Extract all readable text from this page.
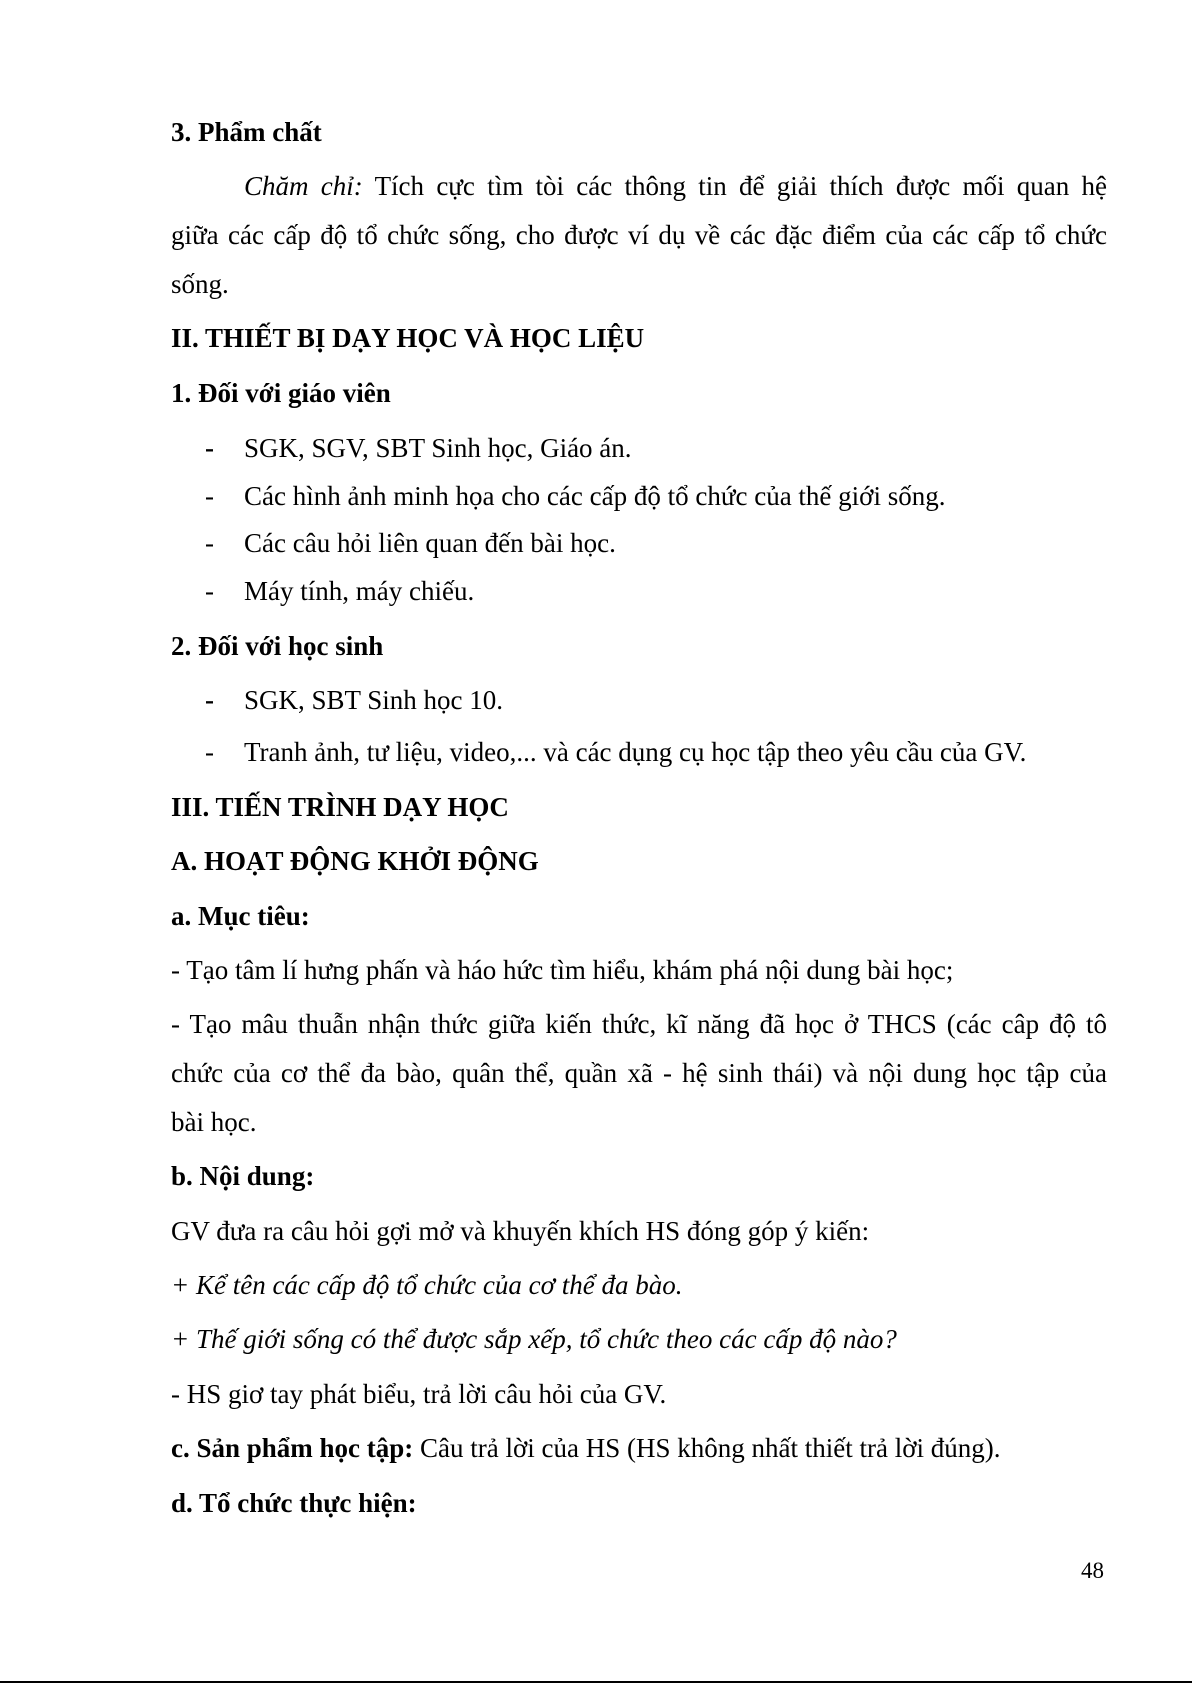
3. Phẩm chất
Chăm chỉ: Tích cực tìm tòi các thông tin để giải thích được mối quan hệ
giữa các cấp độ tổ chức sống, cho được ví dụ về các đặc điểm của các cấp tổ chức
sống.
II. THIẾT BỊ DẠY HỌC VÀ HỌC LIỆU
1. Đối với giáo viên
- SGK, SGV, SBT Sinh học, Giáo án.
- Các hình ảnh minh họa cho các cấp độ tổ chức của thế giới sống.
- Các câu hỏi liên quan đến bài học.
- Máy tính, máy chiếu.
2. Đối với học sinh
- SGK, SBT Sinh học 10.
- Tranh ảnh, tư liệu, video,... và các dụng cụ học tập theo yêu cầu của GV.
III. TIẾN TRÌNH DẠY HỌC
A. HOẠT ĐỘNG KHỞI ĐỘNG
a. Mục tiêu:
- Tạo tâm lí hưng phấn và háo hức tìm hiểu, khám phá nội dung bài học;
- Tạo mâu thuẫn nhận thức giữa kiến thức, kĩ năng đã học ở THCS (các câp độ tô
chức của cơ thể đa bào, quân thể, quần xã - hệ sinh thái) và nội dung học tập của
bài học.
b. Nội dung:
GV đưa ra câu hỏi gợi mở và khuyến khích HS đóng góp ý kiến:
+ Kể tên các cấp độ tổ chức của cơ thể đa bào.
+ Thế giới sống có thể được sắp xếp, tổ chức theo các cấp độ nào?
- HS giơ tay phát biểu, trả lời câu hỏi của GV.
c. Sản phẩm học tập: Câu trả lời của HS (HS không nhất thiết trả lời đúng).
d. Tổ chức thực hiện:
48
